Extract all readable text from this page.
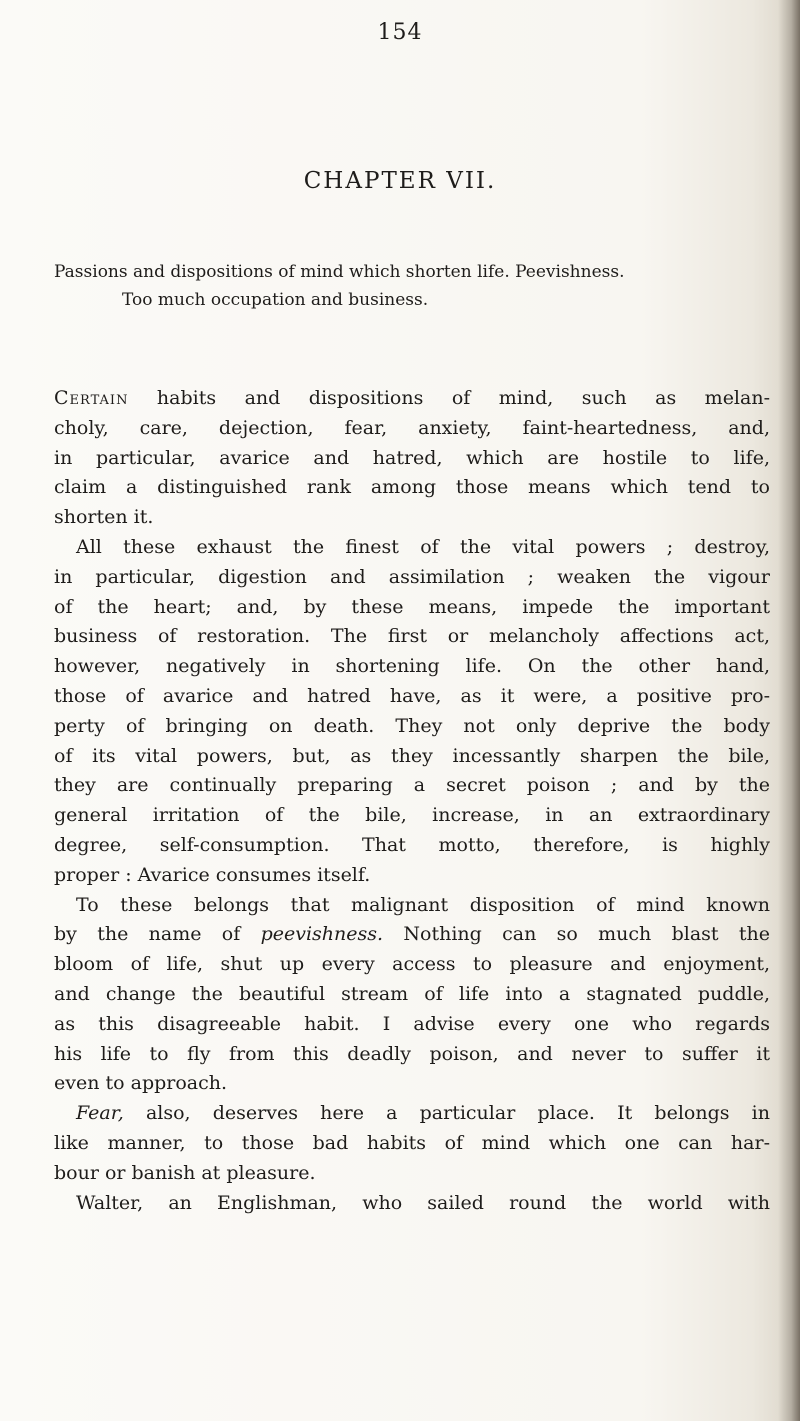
154
CHAPTER VII.
Passions and dispositions of mind which shorten life. Peevishness.
Too much occupation and business.
Certain habits and dispositions of mind, such as melan-
choly, care, dejection, fear, anxiety, faint-heartedness, and,
in particular, avarice and hatred, which are hostile to life,
claim a distinguished rank among those means which tend to
shorten it.
All these exhaust the finest of the vital powers ; destroy,
in particular, digestion and assimilation ; weaken the vigour
of the heart; and, by these means, impede the important
business of restoration. The first or melancholy affections act,
however, negatively in shortening life. On the other hand,
those of avarice and hatred have, as it were, a positive pro-
perty of bringing on death. They not only deprive the body
of its vital powers, but, as they incessantly sharpen the bile,
they are continually preparing a secret poison ; and by the
general irritation of the bile, increase, in an extraordinary
degree, self-consumption. That motto, therefore, is highly
proper : Avarice consumes itself.
To these belongs that malignant disposition of mind known
by the name of peevishness. Nothing can so much blast the
bloom of life, shut up every access to pleasure and enjoyment,
and change the beautiful stream of life into a stagnated puddle,
as this disagreeable habit. I advise every one who regards
his life to fly from this deadly poison, and never to suffer it
even to approach.
Fear, also, deserves here a particular place. It belongs in
like manner, to those bad habits of mind which one can har-
bour or banish at pleasure.
Walter, an Englishman, who sailed round the world with
